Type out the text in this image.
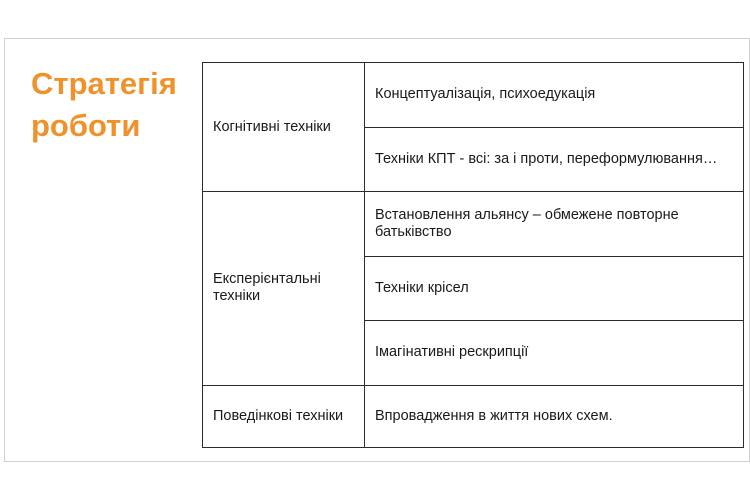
Стратегія
роботи	Когнітивні техніки	Концептуалізація, психоедукація
	Техніки КПТ - всі: за і проти, переформулювання…
Експерієнтальні техніки	Встановлення альянсу – обмежене повторне батьківство
	Техніки крісел
	Імагінативні рескрипції
Поведінкові техніки	Впровадження в життя нових схем.
